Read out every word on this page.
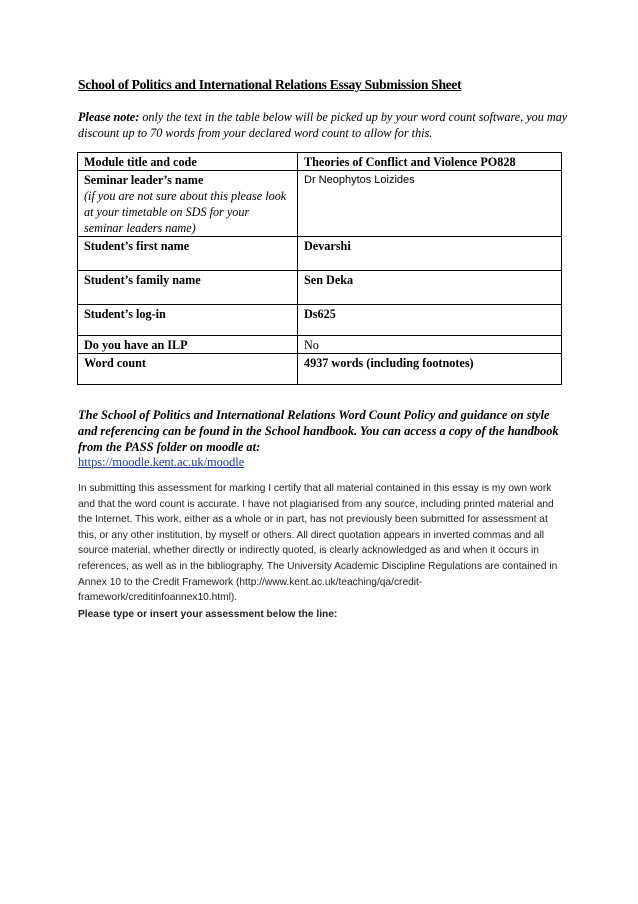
School of Politics and International Relations Essay Submission Sheet
Please note: only the text in the table below will be picked up by your word count software, you may discount up to 70 words from your declared word count to allow for this.
Module title and code	Theories of Conflict and Violence PO828
Seminar leader’s name
(if you are not sure about this please look at your timetable on SDS for your seminar leaders name)	Dr Neophytos Loizides
Student’s first name	Devarshi
Student’s family name	Sen Deka
Student’s log-in	Ds625
Do you have an ILP	No
Word count	4937 words (including footnotes)
The School of Politics and International Relations Word Count Policy and guidance on style and referencing can be found in the School handbook. You can access a copy of the handbook from the PASS folder on moodle at:
https://moodle.kent.ac.uk/moodle
In submitting this assessment for marking I certify that all material contained in this essay is my own work and that the word count is accurate. I have not plagiarised from any source, including printed material and the Internet. This work, either as a whole or in part, has not previously been submitted for assessment at this, or any other institution, by myself or others. All direct quotation appears in inverted commas and all source material, whether directly or indirectly quoted, is clearly acknowledged as and when it occurs in references, as well as in the bibliography. The University Academic Discipline Regulations are contained in Annex 10 to the Credit Framework (http://www.kent.ac.uk/teaching/qa/credit-framework/creditinfoannex10.html).
Please type or insert your assessment below the line:
